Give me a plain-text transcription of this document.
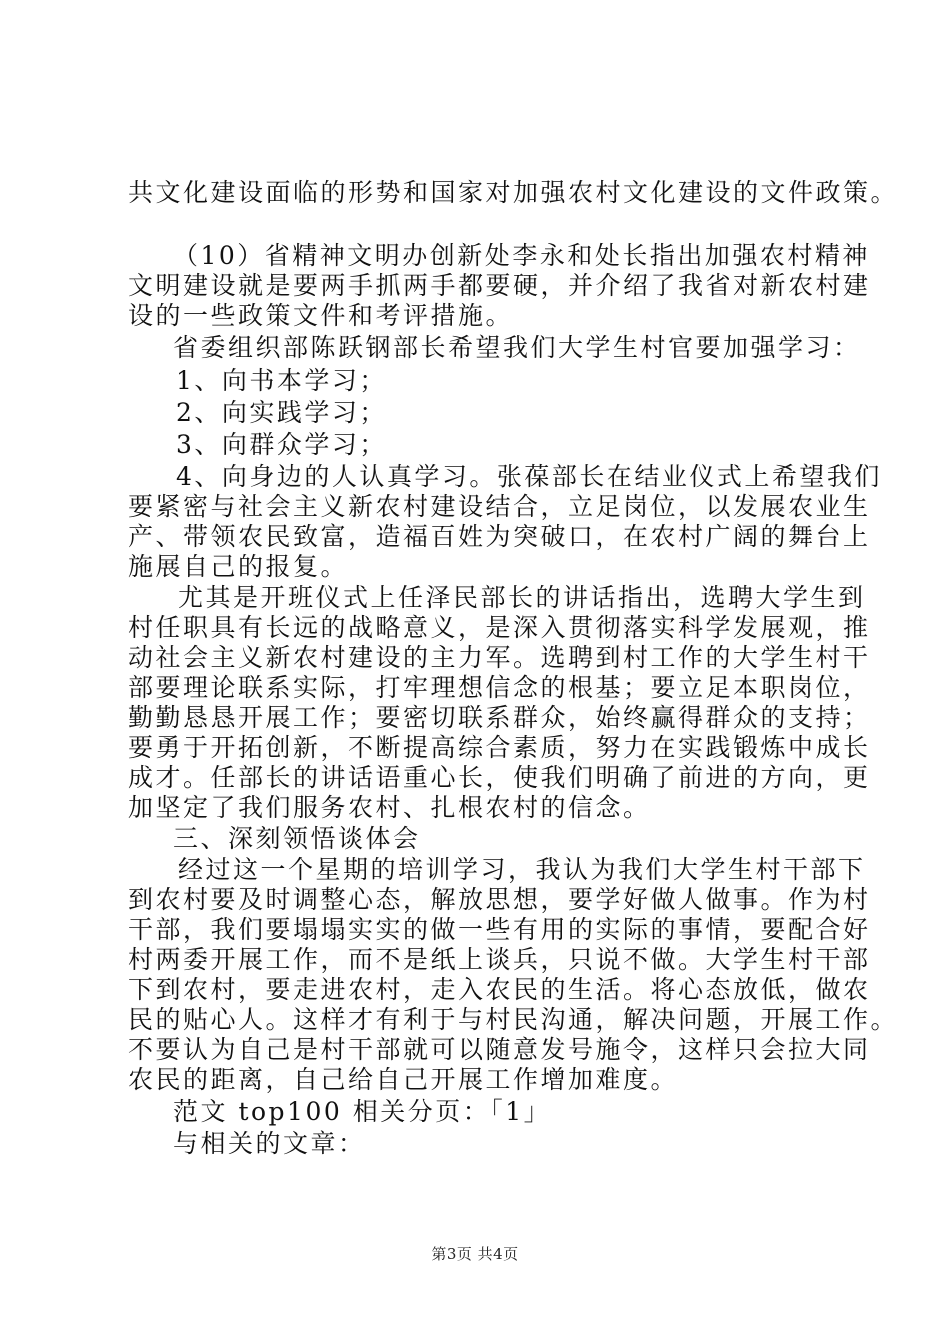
共文化建设面临的形势和国家对加强农村文化建设的文件政策。
（10）省精神文明办创新处李永和处长指出加强农村精神
文明建设就是要两手抓两手都要硬，并介绍了我省对新农村建
设的一些政策文件和考评措施。
省委组织部陈跃钢部长希望我们大学生村官要加强学习：
1、向书本学习；
2、向实践学习；
3、向群众学习；
4、向身边的人认真学习。张葆部长在结业仪式上希望我们
要紧密与社会主义新农村建设结合，立足岗位，以发展农业生
产、带领农民致富，造福百姓为突破口，在农村广阔的舞台上
施展自己的报复。
尤其是开班仪式上任泽民部长的讲话指出，选聘大学生到
村任职具有长远的战略意义，是深入贯彻落实科学发展观，推
动社会主义新农村建设的主力军。选聘到村工作的大学生村干
部要理论联系实际，打牢理想信念的根基；要立足本职岗位，
勤勤恳恳开展工作；要密切联系群众，始终赢得群众的支持；
要勇于开拓创新，不断提高综合素质，努力在实践锻炼中成长
成才。任部长的讲话语重心长，使我们明确了前进的方向，更
加坚定了我们服务农村、扎根农村的信念。
三、深刻领悟谈体会
经过这一个星期的培训学习，我认为我们大学生村干部下
到农村要及时调整心态，解放思想，要学好做人做事。作为村
干部，我们要塌塌实实的做一些有用的实际的事情，要配合好
村两委开展工作，而不是纸上谈兵，只说不做。大学生村干部
下到农村，要走进农村，走入农民的生活。将心态放低，做农
民的贴心人。这样才有利于与村民沟通，解决问题，开展工作。
不要认为自己是村干部就可以随意发号施令，这样只会拉大同
农民的距离，自己给自己开展工作增加难度。
范文 top100 相关分页：「1」
与相关的文章：
第3页 共4页
